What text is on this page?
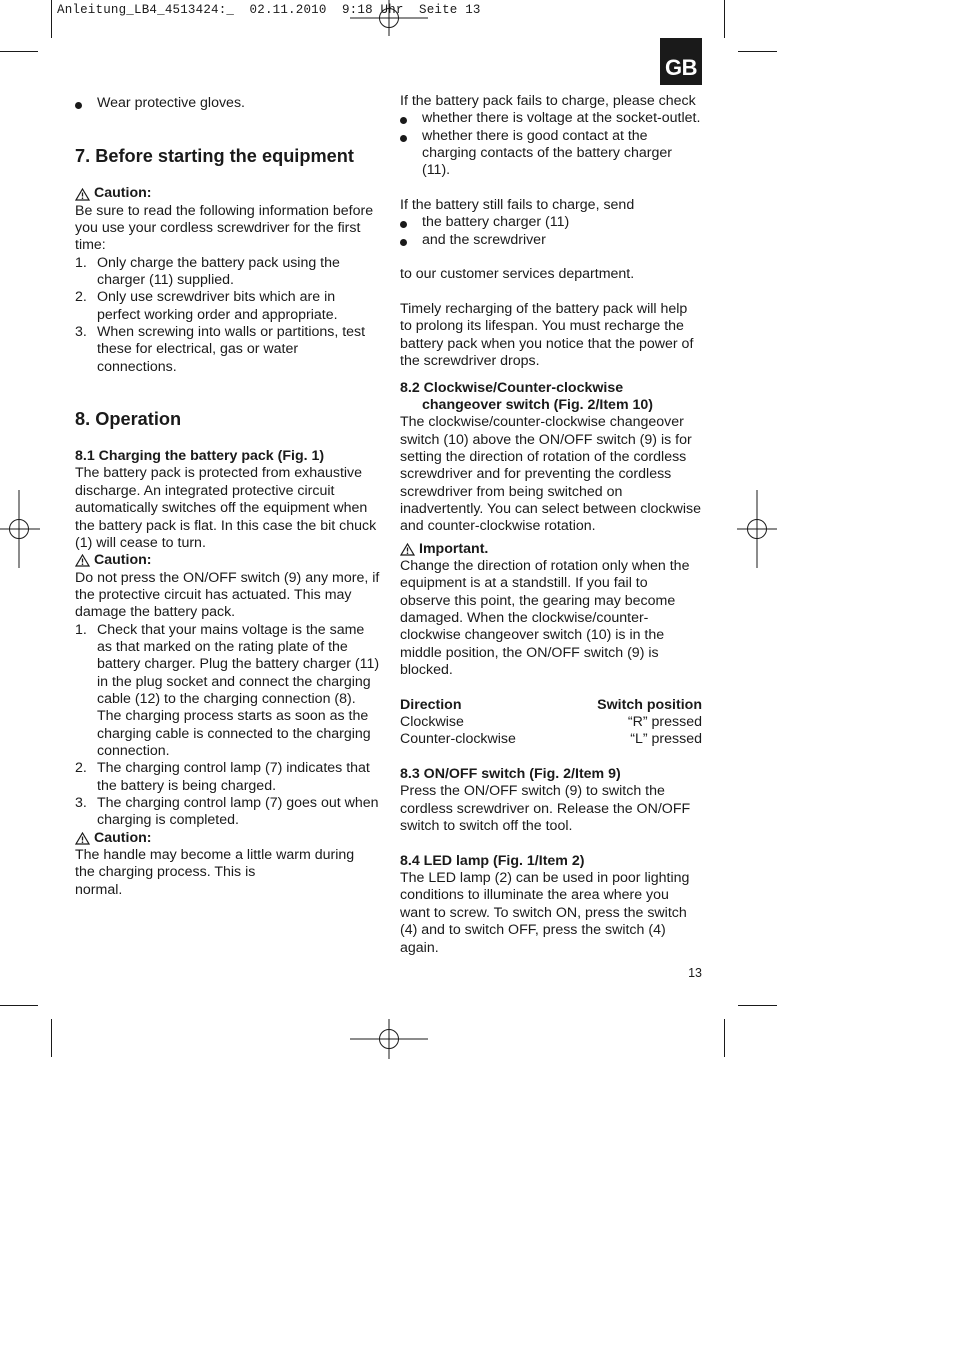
Anleitung_LB4_4513424:_ 02.11.2010 9:18 Uhr Seite 13
GB

Wear protective gloves.

7. Before starting the equipment

Caution:

Be sure to read the following information before you use your cordless screwdriver for the first time:

1. Only charge the battery pack using the charger (11) supplied.
2. Only use screwdriver bits which are in perfect working order and appropriate.
3. When screwing into walls or partitions, test these for electrical, gas or water connections.

8. Operation

8.1 Charging the battery pack (Fig. 1)

The battery pack is protected from exhaustive discharge. An integrated protective circuit automatically switches off the equipment when the battery pack is flat. In this case the bit chuck (1) will cease to turn.

Caution:

Do not press the ON/OFF switch (9) any more, if the protective circuit has actuated. This may damage the battery pack.

1. Check that your mains voltage is the same as that marked on the rating plate of the battery charger. Plug the battery charger (11) in the plug socket and connect the charging cable (12) to the charging connection (8). The charging process starts as soon as the charging cable is connected to the charging connection.
2. The charging control lamp (7) indicates that the battery is being charged.
3. The charging control lamp (7) goes out when charging is completed.

Caution:

The handle may become a little warm during

the charging process. This is

normal.

If the battery pack fails to charge, please check

whether there is voltage at the socket-outlet.

whether there is good contact at the charging contacts of the battery charger (11).

If the battery still fails to charge, send

the battery charger (11)

and the screwdriver

to our customer services department.

Timely recharging of the battery pack will help to prolong its lifespan. You must recharge the battery pack when you notice that the power of the screwdriver drops.

8.2 Clockwise/Counter-clockwise

changeover switch (Fig. 2/Item 10)

The clockwise/counter-clockwise changeover switch (10) above the ON/OFF switch (9) is for setting the direction of rotation of the cordless screwdriver and for preventing the cordless screwdriver from being switched on inadvertently. You can select between clockwise and counter-clockwise rotation.

Important.

Change the direction of rotation only when the equipment is at a standstill. If you fail to observe this point, the gearing may become damaged. When the clockwise/counter-clockwise changeover switch (10) is in the middle position, the ON/OFF switch (9) is blocked.

Direction	Switch position
Clockwise	“R” pressed
Counter-clockwise	“L” pressed

8.3 ON/OFF switch (Fig. 2/Item 9)

Press the ON/OFF switch (9) to switch the cordless screwdriver on. Release the ON/OFF switch to switch off the tool.

8.4 LED lamp (Fig. 1/Item 2)

The LED lamp (2) can be used in poor lighting conditions to illuminate the area where you want to screw. To switch ON, press the switch (4) and to switch OFF, press the switch (4) again.

13
